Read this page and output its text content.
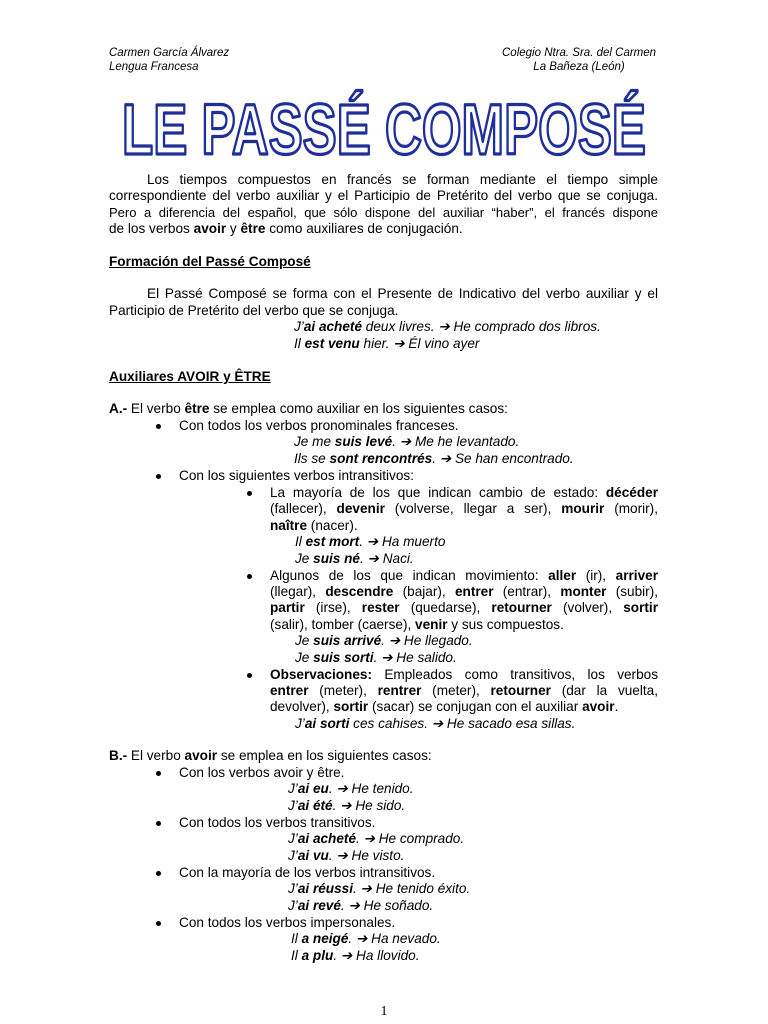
Carmen García Álvarez
Lengua Francesa
Colegio Ntra. Sra. del Carmen
La Bañeza (León)
LE PASSÉ COMPOSÉ
Los tiempos compuestos en francés se forman mediante el tiempo simple
correspondiente del verbo auxiliar y el Participio de Pretérito del verbo que se conjuga.
Pero a diferencia del español, que sólo dispone del auxiliar “haber”, el francés dispone
de los verbos avoir y être como auxiliares de conjugación.
Formación del Passé Composé
El Passé Composé se forma con el Presente de Indicativo del verbo auxiliar y el
Participio de Pretérito del verbo que se conjuga.
J’ai acheté deux livres. ➔ He comprado dos libros.
Il est venu hier. ➔ Él vino ayer
Auxiliares AVOIR y ÊTRE
A.- El verbo être se emplea como auxiliar en los siguientes casos:
Con todos los verbos pronominales franceses.
Je me suis levé. ➔ Me he levantado.
Ils se sont rencontrés. ➔ Se han encontrado.
Con los siguientes verbos intransitivos:
La mayoría de los que indican cambio de estado: décéder
(fallecer), devenir (volverse, llegar a ser), mourir (morir),
naître (nacer).
Il est mort. ➔ Ha muerto
Je suis né. ➔ Naci.
Algunos de los que indican movimiento: aller (ir), arriver
(llegar), descendre (bajar), entrer (entrar), monter (subir),
partir (irse), rester (quedarse), retourner (volver), sortir
(salir), tomber (caerse), venir y sus compuestos.
Je suis arrivé. ➔ He llegado.
Je suis sorti. ➔ He salido.
Observaciones: Empleados como transitivos, los verbos
entrer (meter), rentrer (meter), retourner (dar la vuelta,
devolver), sortir (sacar) se conjugan con el auxiliar avoir.
J’ai sorti ces cahises. ➔ He sacado esa sillas.
B.- El verbo avoir se emplea en los siguientes casos:
Con los verbos avoir y être.
J’ai eu. ➔ He tenido.
J’ai été. ➔ He sido.
Con todos los verbos transitivos.
J’ai acheté. ➔ He comprado.
J’ai vu. ➔ He visto.
Con la mayoría de los verbos intransitivos.
J’ai réussi. ➔ He tenido éxito.
J’ai revé. ➔ He soñado.
Con todos los verbos impersonales.
Il a neigé. ➔ Ha nevado.
Il a plu. ➔ Ha llovido.
1
